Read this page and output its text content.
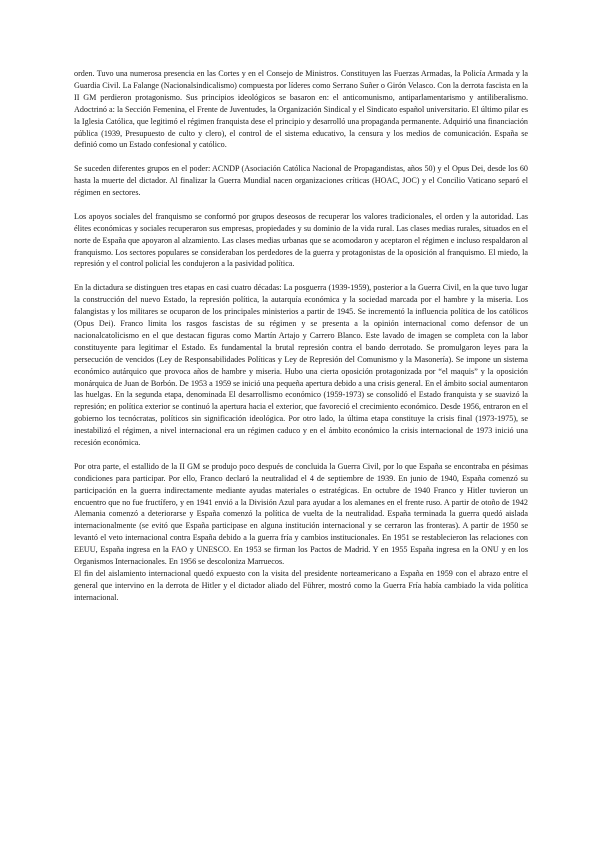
orden. Tuvo una numerosa presencia en las Cortes y en el Consejo de Ministros. Constituyen las Fuerzas Armadas, la Policía Armada y la Guardia Civil. La Falange (Nacionalsindicalismo) compuesta por líderes como Serrano Suñer o Girón Velasco. Con la derrota fascista en la II GM perdieron protagonismo. Sus principios ideológicos se basaron en: el anticomunismo, antiparlamentarismo y antiliberalismo. Adoctrinó a: la Sección Femenina, el Frente de Juventudes, la Organización Sindical y el Sindicato español universitario. El último pilar es la Iglesia Católica, que legitimó el régimen franquista dese el principio y desarrolló una propaganda permanente. Adquirió una financiación pública (1939, Presupuesto de culto y clero), el control de el sistema educativo, la censura y los medios de comunicación. España se definió como un Estado confesional y católico.

Se suceden diferentes grupos en el poder: ACNDP (Asociación Católica Nacional de Propagandistas, años 50) y el Opus Dei, desde los 60 hasta la muerte del dictador. Al finalizar la Guerra Mundial nacen organizaciones críticas (HOAC, JOC) y el Concilio Vaticano separó el régimen en sectores.

Los apoyos sociales del franquismo se conformó por grupos deseosos de recuperar los valores tradicionales, el orden y la autoridad. Las élites económicas y sociales recuperaron sus empresas, propiedades y su dominio de la vida rural. Las clases medias rurales, situados en el norte de España que apoyaron al alzamiento. Las clases medias urbanas que se acomodaron y aceptaron el régimen e incluso respaldaron al franquismo. Los sectores populares se consideraban los perdedores de la guerra y protagonistas de la oposición al franquismo. El miedo, la represión y el control policial les condujeron a la pasividad política.

En la dictadura se distinguen tres etapas en casi cuatro décadas: La posguerra (1939-1959), posterior a la Guerra Civil, en la que tuvo lugar la construcción del nuevo Estado, la represión política, la autarquía económica y la sociedad marcada por el hambre y la miseria. Los falangistas y los militares se ocuparon de los principales ministerios a partir de 1945. Se incrementó la influencia política de los católicos (Opus Dei). Franco limita los rasgos fascistas de su régimen y se presenta a la opinión internacional como defensor de un nacionalcatolicismo en el que destacan figuras como Martín Artajo y Carrero Blanco. Este lavado de imagen se completa con la labor constituyente para legitimar el Estado. Es fundamental la brutal represión contra el bando derrotado. Se promulgaron leyes para la persecución de vencidos (Ley de Responsabilidades Políticas y Ley de Represión del Comunismo y la Masonería). Se impone un sistema económico autárquico que provoca años de hambre y miseria. Hubo una cierta oposición protagonizada por “el maquis” y la oposición monárquica de Juan de Borbón. De 1953 a 1959 se inició una pequeña apertura debido a una crisis general. En el ámbito social aumentaron las huelgas. En la segunda etapa, denominada El desarrollismo económico (1959-1973) se consolidó el Estado franquista y se suavizó la represión; en política exterior se continuó la apertura hacia el exterior, que favoreció el crecimiento económico. Desde 1956, entraron en el gobierno los tecnócratas, políticos sin significación ideológica. Por otro lado, la última etapa constituye la crisis final (1973-1975), se inestabilizó el régimen, a nivel internacional era un régimen caduco y en el ámbito económico la crisis internacional de 1973 inició una recesión económica.

Por otra parte, el estallido de la II GM se produjo poco después de concluida la Guerra Civil, por lo que España se encontraba en pésimas condiciones para participar. Por ello, Franco declaró la neutralidad el 4 de septiembre de 1939. En junio de 1940, España comenzó su participación en la guerra indirectamente mediante ayudas materiales o estratégicas. En octubre de 1940 Franco y Hitler tuvieron un encuentro que no fue fructífero, y en 1941 envió a la División Azul para ayudar a los alemanes en el frente ruso. A partir de otoño de 1942 Alemania comenzó a deteriorarse y España comenzó la política de vuelta de la neutralidad. España terminada la guerra quedó aislada internacionalmente (se evitó que España participase en alguna institución internacional y se cerraron las fronteras). A partir de 1950 se levantó el veto internacional contra España debido a la guerra fría y cambios institucionales. En 1951 se restablecieron las relaciones con EEUU, España ingresa en la FAO y UNESCO. En 1953 se firman los Pactos de Madrid. Y en 1955 España ingresa en la ONU y en los Organismos Internacionales. En 1956 se descoloniza Marruecos.

El fin del aislamiento internacional quedó expuesto con la visita del presidente norteamericano a España en 1959 con el abrazo entre el general que intervino en la derrota de Hitler y el dictador aliado del Führer, mostró como la Guerra Fría había cambiado la vida política internacional.
